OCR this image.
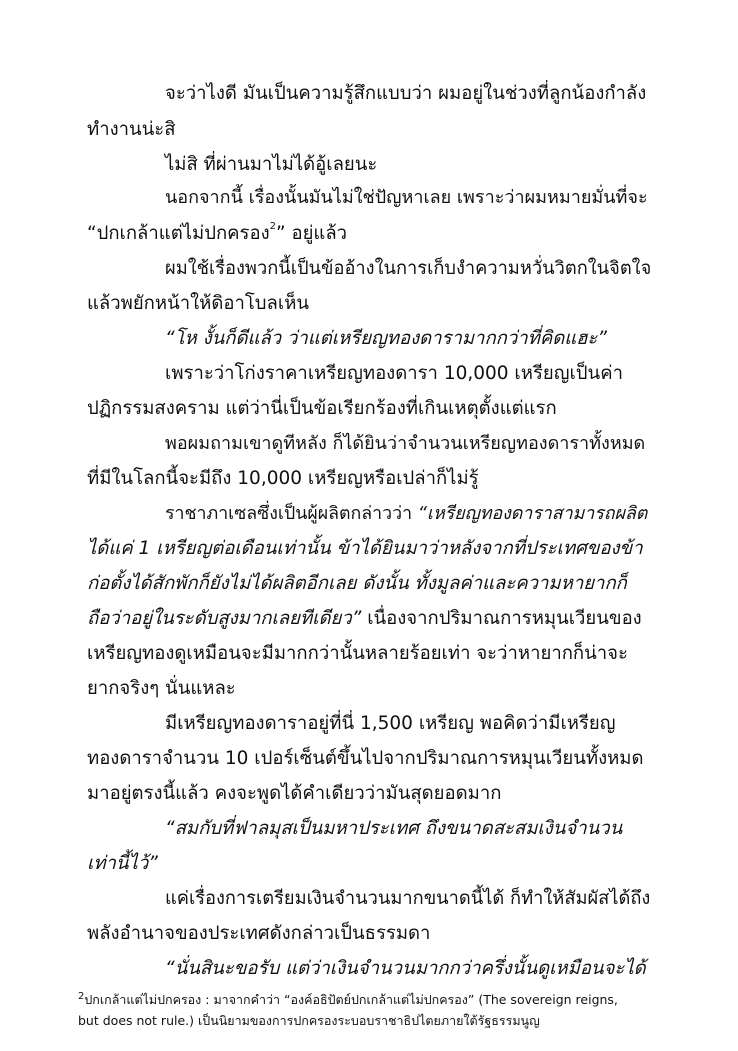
จะว่าไงดี มันเป็นความรู้สึกแบบว่า ผมอยู่ในช่วงที่ลูกน้องกำลัง
ทำงานน่ะสิ
ไม่สิ ที่ผ่านมาไม่ได้อู้เลยนะ
นอกจากนี้ เรื่องนั้นมันไม่ใช่ปัญหาเลย เพราะว่าผมหมายมั่นที่จะ
“ปกเกล้าแต่ไม่ปกครอง$^2$” อยู่แล้ว
ผมใช้เรื่องพวกนี้เป็นข้ออ้างในการเก็บงำความหวั่นวิตกในจิตใจ
แล้วพยักหน้าให้ดิอาโบลเห็น
“โห งั้นก็ดีแล้ว ว่าแต่เหรียญทองดารามากกว่าที่คิดแฮะ”
เพราะว่าโก่งราคาเหรียญทองดารา 10,000 เหรียญเป็นค่า
ปฏิกรรมสงคราม แต่ว่านี่เป็นข้อเรียกร้องที่เกินเหตุตั้งแต่แรก
พอผมถามเขาดูทีหลัง ก็ได้ยินว่าจำนวนเหรียญทองดาราทั้งหมด
ที่มีในโลกนี้จะมีถึง 10,000 เหรียญหรือเปล่าก็ไม่รู้
ราชาภาเซลซึ่งเป็นผู้ผลิตกล่าวว่า “เหรียญทองดาราสามารถผลิต
ได้แค่ 1 เหรียญต่อเดือนเท่านั้น ข้าได้ยินมาว่าหลังจากที่ประเทศของข้า
ก่อตั้งได้สักพักก็ยังไม่ได้ผลิตอีกเลย ดังนั้น ทั้งมูลค่าและความหายากก็
ถือว่าอยู่ในระดับสูงมากเลยทีเดียว” เนื่องจากปริมาณการหมุนเวียนของ
เหรียญทองดูเหมือนจะมีมากกว่านั้นหลายร้อยเท่า จะว่าหายากก็น่าจะ
ยากจริงๆ นั่นแหละ
มีเหรียญทองดาราอยู่ที่นี่ 1,500 เหรียญ พอคิดว่ามีเหรียญ
ทองดาราจำนวน 10 เปอร์เซ็นต์ขึ้นไปจากปริมาณการหมุนเวียนทั้งหมด
มาอยู่ตรงนี้แล้ว คงจะพูดได้คำเดียวว่ามันสุดยอดมาก
“สมกับที่ฟาลมุสเป็นมหาประเทศ ถึงขนาดสะสมเงินจำนวน
เท่านี้ไว้”
แค่เรื่องการเตรียมเงินจำนวนมากขนาดนี้ได้ ก็ทำให้สัมผัสได้ถึง
พลังอำนาจของประเทศดังกล่าวเป็นธรรมดา
“นั่นสินะขอรับ แต่ว่าเงินจำนวนมากกว่าครึ่งนั้นดูเหมือนจะได้
$^2$ปกเกล้าแต่ไม่ปกครอง : มาจากคำว่า “องค์อธิปัตย์ปกเกล้าแต่ไม่ปกครอง” (The sovereign reigns,
but does not rule.) เป็นนิยามของการปกครองระบอบราชาธิปไตยภายใต้รัฐธรรมนูญ
